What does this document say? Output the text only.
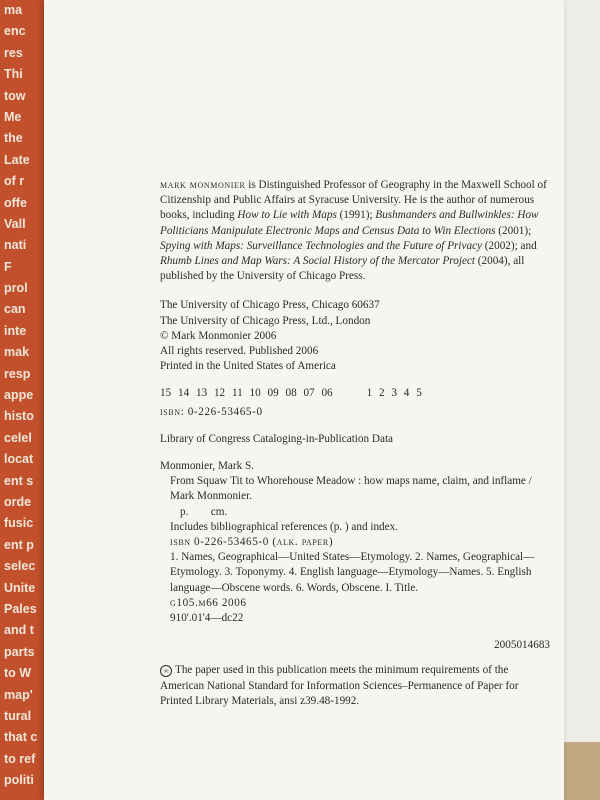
ma
enc
res
Thi
tow
Me
the
Late
of r
offe
Vall
nati
F
prol
can
inte
mak
resp
appe
histo
celel
locat
ent s
orde
fusic
ent p
selec
Unite
Pales
and t
parts
to W
map'
tural
that c
to ref
politi

mark monmonier is Distinguished Professor of Geography in the Maxwell School of Citizenship and Public Affairs at Syracuse University. He is the author of numerous books, including How to Lie with Maps (1991); Bushmanders and Bullwinkles: How Politicians Manipulate Electronic Maps and Census Data to Win Elections (2001); Spying with Maps: Surveillance Technologies and the Future of Privacy (2002); and Rhumb Lines and Map Wars: A Social History of the Mercator Project (2004), all published by the University of Chicago Press.

The University of Chicago Press, Chicago 60637

The University of Chicago Press, Ltd., London

© Mark Monmonier 2006

All rights reserved. Published 2006

Printed in the United States of America

15 14 13 12 11 10 09 08 07 06	1 2 3 4 5

isbn: 0-226-53465-0

Library of Congress Cataloging-in-Publication Data

Monmonier, Mark S.

From Squaw Tit to Whorehouse Meadow : how maps name, claim, and inflame / Mark Monmonier.

p.        cm.

Includes bibliographical references (p. ) and index.

isbn 0-226-53465-0 (alk. paper)

1. Names, Geographical—United States—Etymology. 2. Names, Geographical—Etymology. 3. Toponymy. 4. English language—Etymology—Names. 5. English language—Obscene words. 6. Words, Obscene. I. Title.

g105.m66 2006

910'.01'4—dc22

2005014683

∞ The paper used in this publication meets the minimum requirements of the American National Standard for Information Sciences–Permanence of Paper for Printed Library Materials, ansi z39.48-1992.
